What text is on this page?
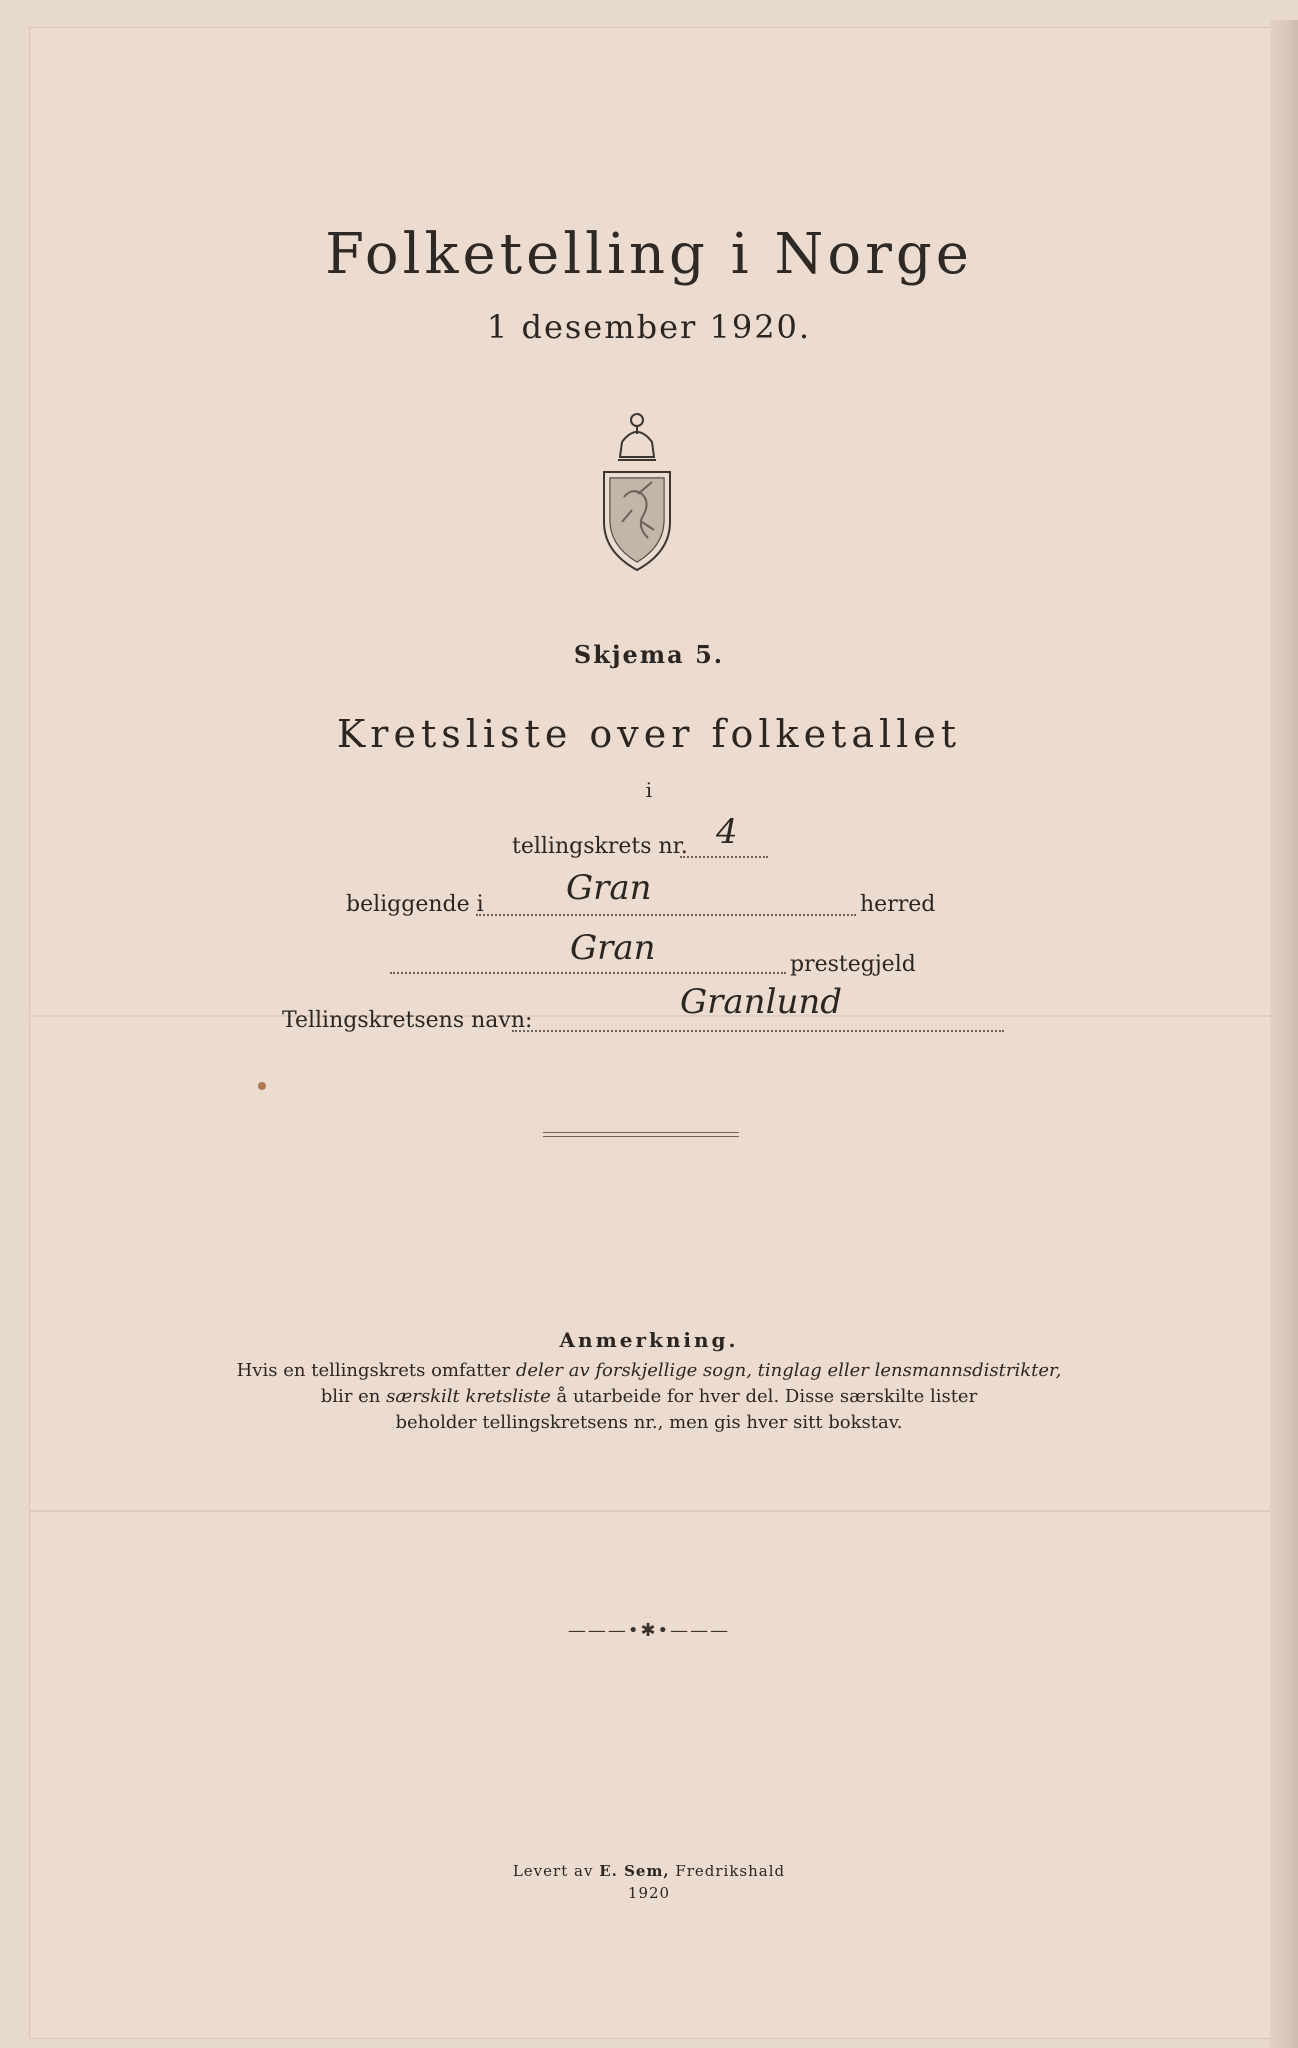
Folketelling i Norge
1 desember 1920.
Skjema 5.
Kretsliste over folketallet
i
tellingskrets nr. 4
beliggende i Gran	herred
Gran	prestegjeld
Tellingskretsens navn:	Granlund
Anmerkning.
Hvis en tellingskrets omfatter deler av forskjellige sogn, tinglag eller lensmannsdistrikter,
blir en særskilt kretsliste å utarbeide for hver del. Disse særskilte lister
beholder tellingskretsens nr., men gis hver sitt bokstav.
———•✱•———
Levert av E. Sem, Fredrikshald
1920
